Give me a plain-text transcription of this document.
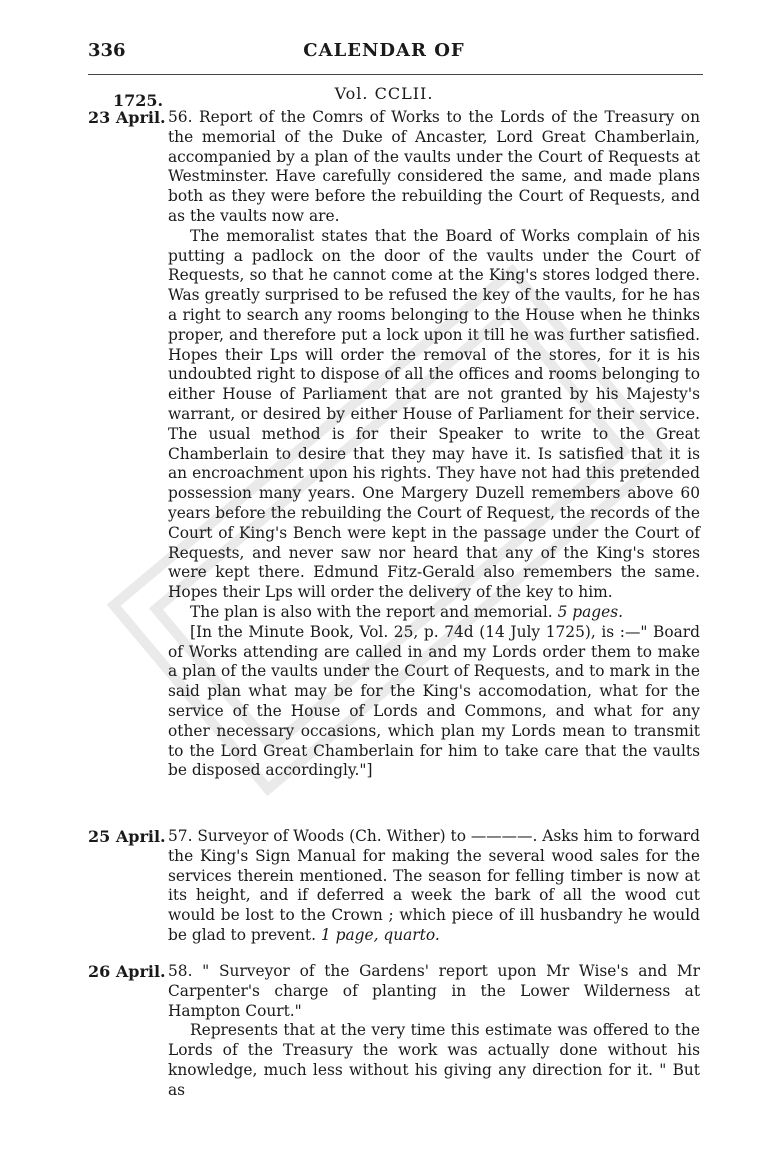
336	CALENDAR OF
Vol. CCLII.
1725.
23 April. 56. Report of the Comrs of Works to the Lords of the Treasury on the memorial of the Duke of Ancaster, Lord Great Chamberlain, accompanied by a plan of the vaults under the Court of Requests at Westminster. Have carefully considered the same, and made plans both as they were before the rebuilding the Court of Requests, and as the vaults now are.

The memoralist states that the Board of Works complain of his putting a padlock on the door of the vaults under the Court of Requests, so that he cannot come at the King's stores lodged there. Was greatly surprised to be refused the key of the vaults, for he has a right to search any rooms belonging to the House when he thinks proper, and therefore put a lock upon it till he was further satisfied. Hopes their Lps will order the removal of the stores, for it is his undoubted right to dispose of all the offices and rooms belonging to either House of Parliament that are not granted by his Majesty's warrant, or desired by either House of Parliament for their service. The usual method is for their Speaker to write to the Great Chamberlain to desire that they may have it. Is satisfied that it is an encroachment upon his rights. They have not had this pretended possession many years. One Margery Duzell remembers above 60 years before the rebuilding the Court of Request, the records of the Court of King's Bench were kept in the passage under the Court of Requests, and never saw nor heard that any of the King's stores were kept there. Edmund Fitz-Gerald also remembers the same. Hopes their Lps will order the delivery of the key to him.

The plan is also with the report and memorial. 5 pages.

[In the Minute Book, Vol. 25, p. 74d (14 July 1725), is :—" Board of Works attending are called in and my Lords order them to make a plan of the vaults under the Court of Requests, and to mark in the said plan what may be for the King's accomodation, what for the service of the House of Lords and Commons, and what for any other necessary occasions, which plan my Lords mean to transmit to the Lord Great Chamberlain for him to take care that the vaults be disposed accordingly."]

25 April. 57. Surveyor of Woods (Ch. Wither) to ————. Asks him to forward the King's Sign Manual for making the several wood sales for the services therein mentioned. The season for felling timber is now at its height, and if deferred a week the bark of all the wood cut would be lost to the Crown ; which piece of ill husbandry he would be glad to prevent. 1 page, quarto.

26 April. 58. " Surveyor of the Gardens' report upon Mr Wise's and Mr Carpenter's charge of planting in the Lower Wilderness at Hampton Court."

Represents that at the very time this estimate was offered to the Lords of the Treasury the work was actually done without his knowledge, much less without his giving any direction for it. " But as
